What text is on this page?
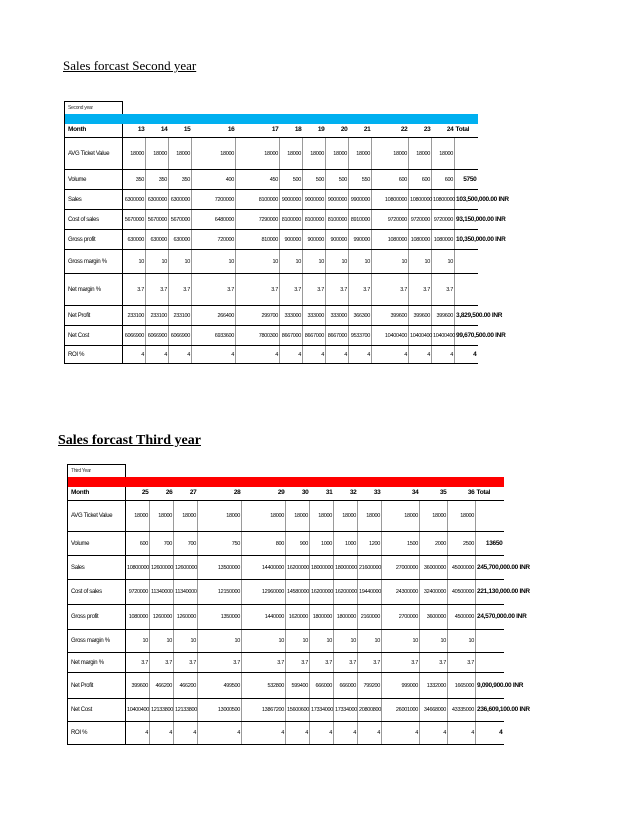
Sales forcast Second year
Second year														

Month	13	14	15	16	17	18	19	20	21	22	23	24	Total	
AVG Ticket Value	18000	18000	18000	18000	18000	18000	18000	18000	18000	18000	18000	18000		
Volume	350	350	350	400	450	500	500	500	550	600	600	600	5750	
Sales	6300000	6300000	6300000	7200000	8100000	9000000	9000000	9000000	9900000	10800000	10800000	10800000	103,500,000.00 INR	
Cost of sales	5670000	5670000	5670000	6480000	7290000	8100000	8100000	8100000	8910000	9720000	9720000	9720000	93,150,000.00 INR	
Gross profit	630000	630000	630000	720000	810000	900000	900000	900000	990000	1080000	1080000	1080000	10,350,000.00 INR	
Gross margin %	10	10	10	10	10	10	10	10	10	10	10	10		
Net margin %	3.7	3.7	3.7	3.7	3.7	3.7	3.7	3.7	3.7	3.7	3.7	3.7		
Net Profit	233100	233100	233100	266400	299700	333000	333000	333000	366300	399600	399600	399600	3,829,500.00 INR	
Net Cost	6066900	6066900	6066900	6933600	7800300	8667000	8667000	8667000	9533700	10400400	10400400	10400400	99,670,500.00 INR	
ROI %	4	4	4	4	4	4	4	4	4	4	4	4	4	
Sales forcast Third year
Third Year														

Month	25	26	27	28	29	30	31	32	33	34	35	36	Total	
AVG Ticket Value	18000	18000	18000	18000	18000	18000	18000	18000	18000	18000	18000	18000		
Volume	600	700	700	750	800	900	1000	1000	1200	1500	2000	2500	13650	
Sales	10800000	12600000	12600000	13500000	14400000	16200000	18000000	18000000	21600000	27000000	36000000	45000000	245,700,000.00 INR	
Cost of sales	9720000	11340000	11340000	12150000	12960000	14580000	16200000	16200000	19440000	24300000	32400000	40500000	221,130,000.00 INR	
Gross profit	1080000	1260000	1260000	1350000	1440000	1620000	1800000	1800000	2160000	2700000	3600000	4500000	24,570,000.00 INR	
Gross margin %	10	10	10	10	10	10	10	10	10	10	10	10		
Net margin %	3.7	3.7	3.7	3.7	3.7	3.7	3.7	3.7	3.7	3.7	3.7	3.7		
Net Profit	399600	466200	466200	499500	532800	599400	666000	666000	799200	999000	1332000	1665000	9,090,900.00 INR	
Net Cost	10400400	12133800	12133800	13000500	13867200	15600600	17334000	17334000	20800800	26001000	34668000	43335000	236,609,100.00 INR	
ROI %	4	4	4	4	4	4	4	4	4	4	4	4	4	
